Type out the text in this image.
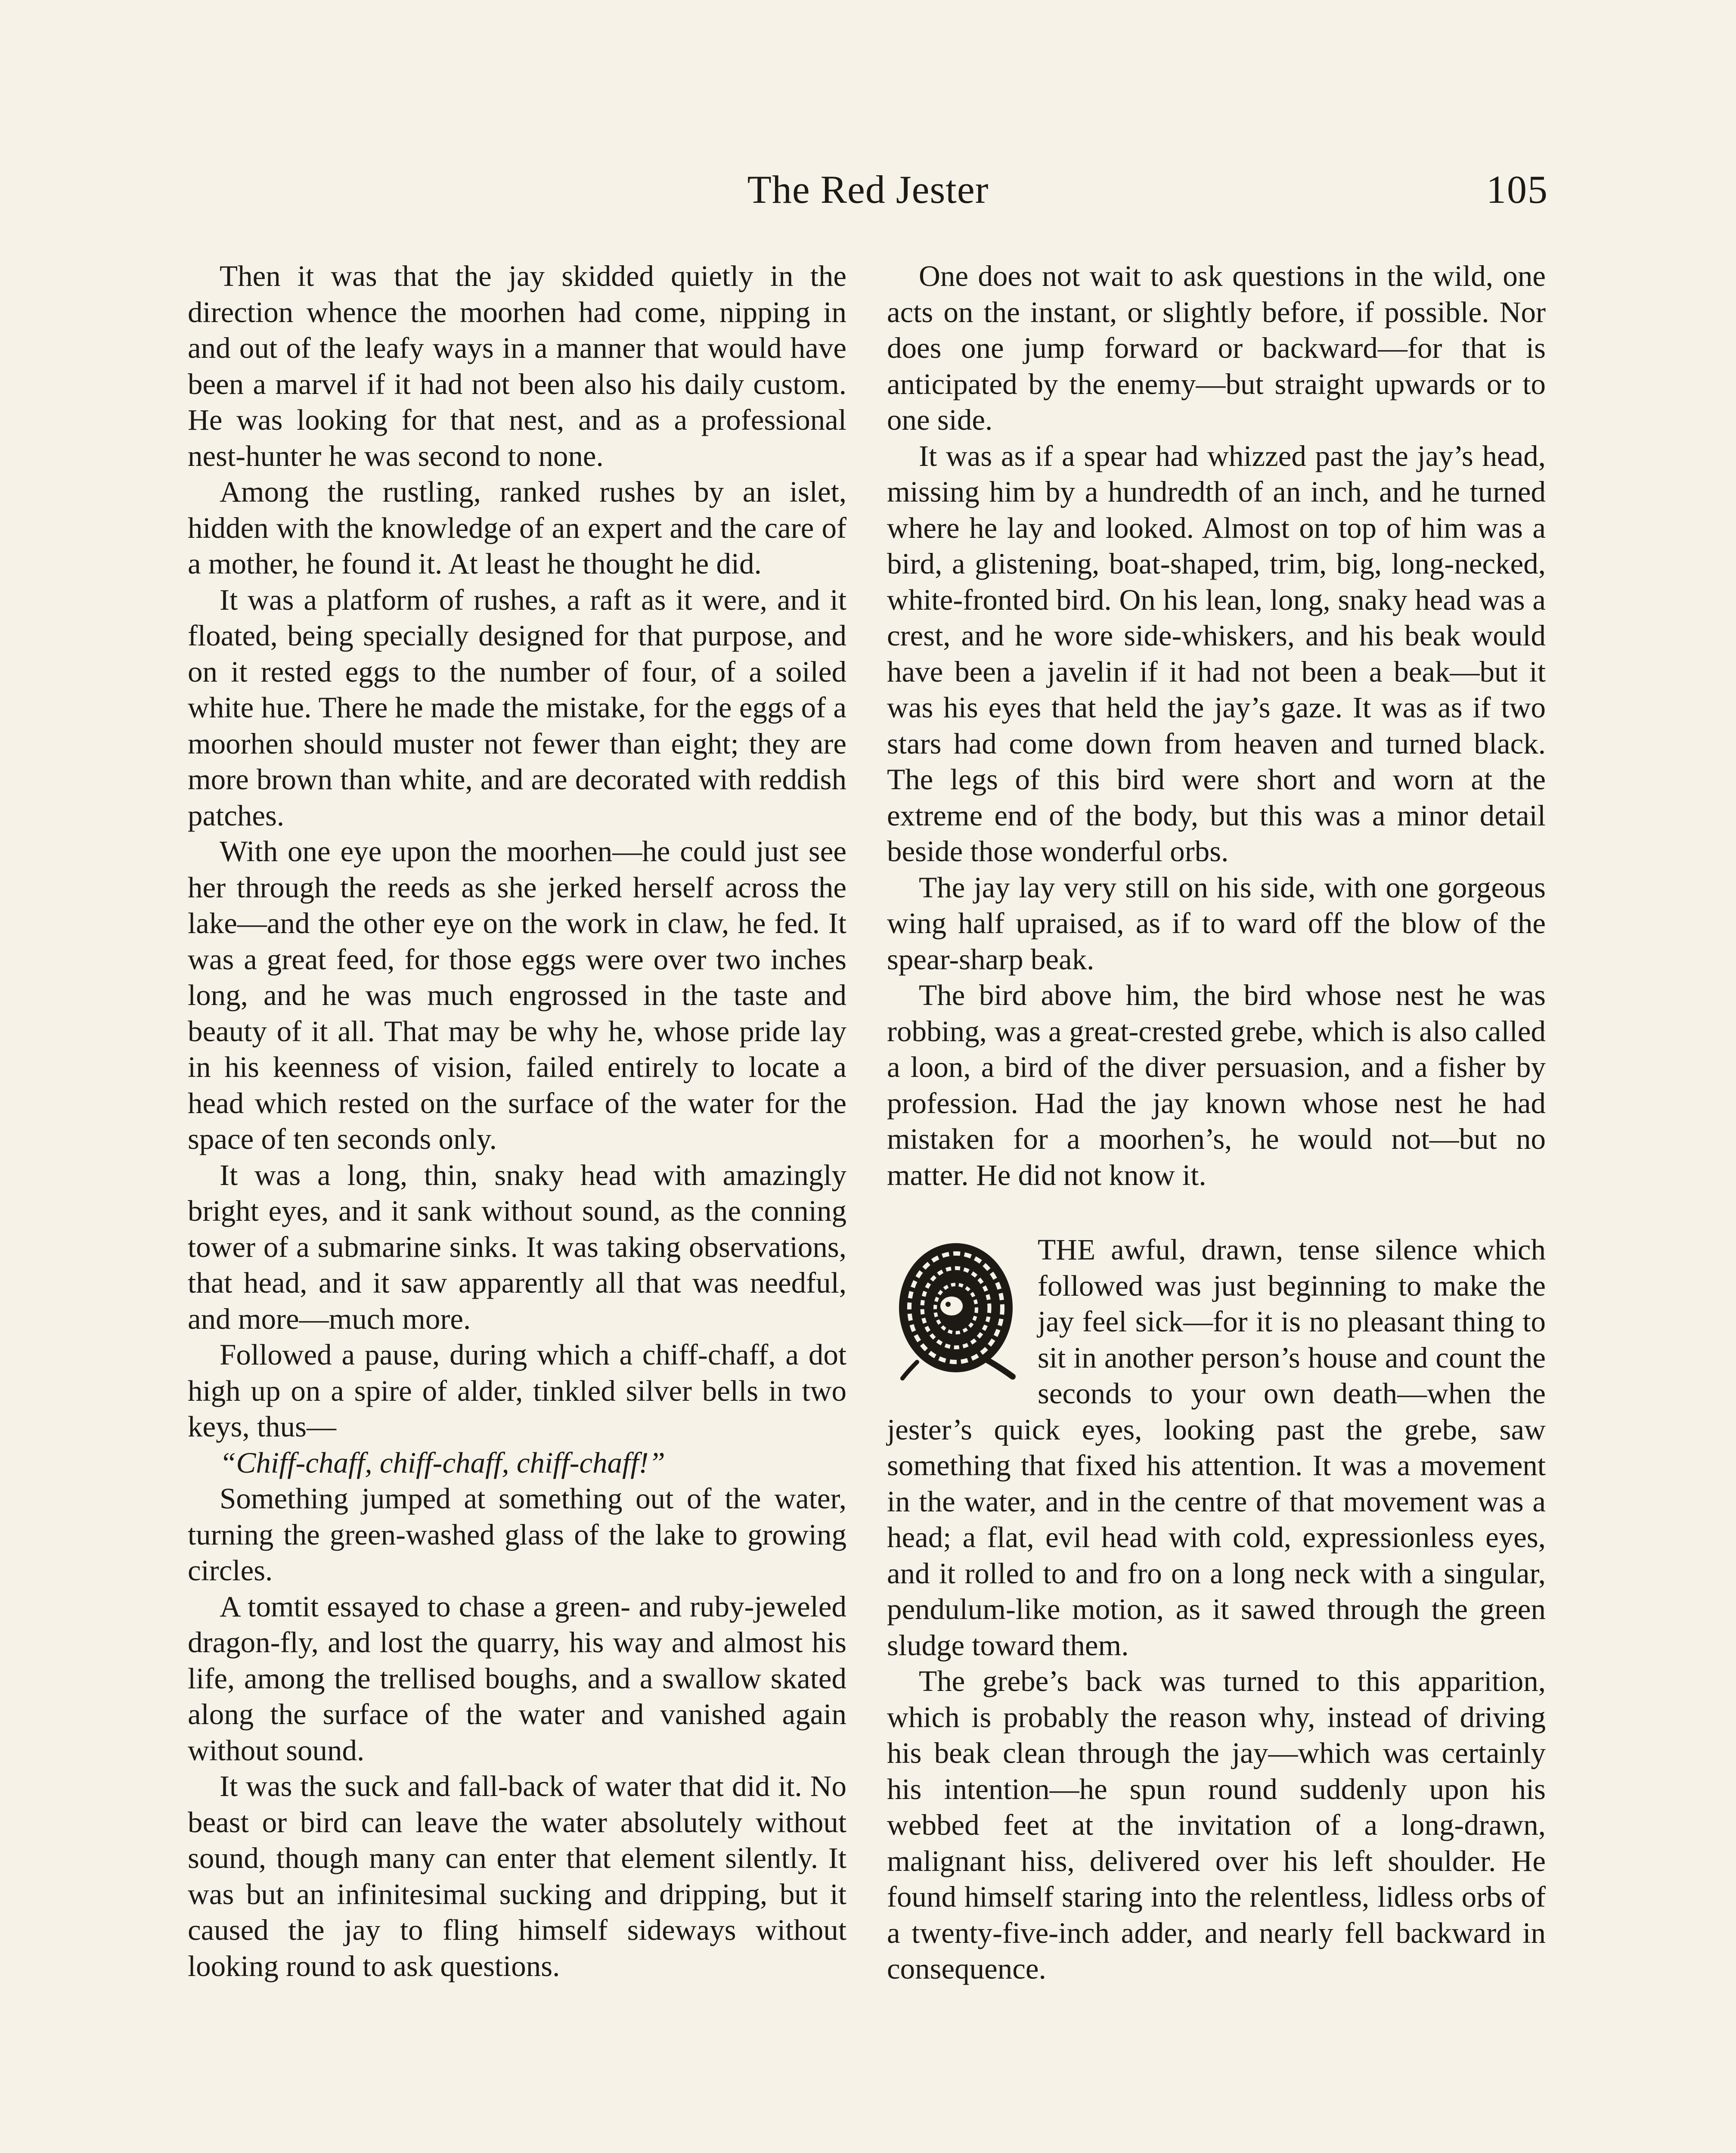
The Red Jester	105

Then it was that the jay skidded quietly in the direction whence the moorhen had come, nipping in and out of the leafy ways in a manner that would have been a marvel if it had not been also his daily custom. He was looking for that nest, and as a professional nest-hunter he was second to none.

Among the rustling, ranked rushes by an islet, hidden with the knowledge of an expert and the care of a mother, he found it. At least he thought he did.

It was a platform of rushes, a raft as it were, and it floated, being specially designed for that purpose, and on it rested eggs to the number of four, of a soiled white hue. There he made the mistake, for the eggs of a moorhen should muster not fewer than eight; they are more brown than white, and are decorated with reddish patches.

With one eye upon the moorhen—he could just see her through the reeds as she jerked herself across the lake—and the other eye on the work in claw, he fed. It was a great feed, for those eggs were over two inches long, and he was much engrossed in the taste and beauty of it all. That may be why he, whose pride lay in his keenness of vision, failed entirely to locate a head which rested on the surface of the water for the space of ten seconds only.

It was a long, thin, snaky head with amazingly bright eyes, and it sank without sound, as the conning tower of a submarine sinks. It was taking observations, that head, and it saw apparently all that was needful, and more—much more.

Followed a pause, during which a chiff-chaff, a dot high up on a spire of alder, tinkled silver bells in two keys, thus—

“Chiff-chaff, chiff-chaff, chiff-chaff!”

Something jumped at something out of the water, turning the green-washed glass of the lake to growing circles.

A tomtit essayed to chase a green- and ruby-jeweled dragon-fly, and lost the quarry, his way and almost his life, among the trellised boughs, and a swallow skated along the surface of the water and vanished again without sound.

It was the suck and fall-back of water that did it. No beast or bird can leave the water absolutely without sound, though many can enter that element silently. It was but an infinitesimal sucking and dripping, but it caused the jay to fling himself sideways without looking round to ask questions.

One does not wait to ask questions in the wild, one acts on the instant, or slightly before, if possible. Nor does one jump forward or backward—for that is anticipated by the enemy—but straight upwards or to one side.

It was as if a spear had whizzed past the jay’s head, missing him by a hundredth of an inch, and he turned where he lay and looked. Almost on top of him was a bird, a glistening, boat-shaped, trim, big, long-necked, white-fronted bird. On his lean, long, snaky head was a crest, and he wore side-whiskers, and his beak would have been a javelin if it had not been a beak—but it was his eyes that held the jay’s gaze. It was as if two stars had come down from heaven and turned black. The legs of this bird were short and worn at the extreme end of the body, but this was a minor detail beside those wonderful orbs.

The jay lay very still on his side, with one gorgeous wing half upraised, as if to ward off the blow of the spear-sharp beak.

The bird above him, the bird whose nest he was robbing, was a great-crested grebe, which is also called a loon, a bird of the diver persuasion, and a fisher by profession. Had the jay known whose nest he had mistaken for a moorhen’s, he would not—but no matter. He did not know it.

THE awful, drawn, tense silence which followed was just beginning to make the jay feel sick—for it is no pleasant thing to sit in another person’s house and count the seconds to your own death—when the jester’s quick eyes, looking past the grebe, saw something that fixed his attention. It was a movement in the water, and in the centre of that movement was a head; a flat, evil head with cold, expressionless eyes, and it rolled to and fro on a long neck with a singular, pendulum-like motion, as it sawed through the green sludge toward them.

The grebe’s back was turned to this apparition, which is probably the reason why, instead of driving his beak clean through the jay—which was certainly his intention—he spun round suddenly upon his webbed feet at the invitation of a long-drawn, malignant hiss, delivered over his left shoulder. He found himself staring into the relentless, lidless orbs of a twenty-five-inch adder, and nearly fell backward in consequence.
